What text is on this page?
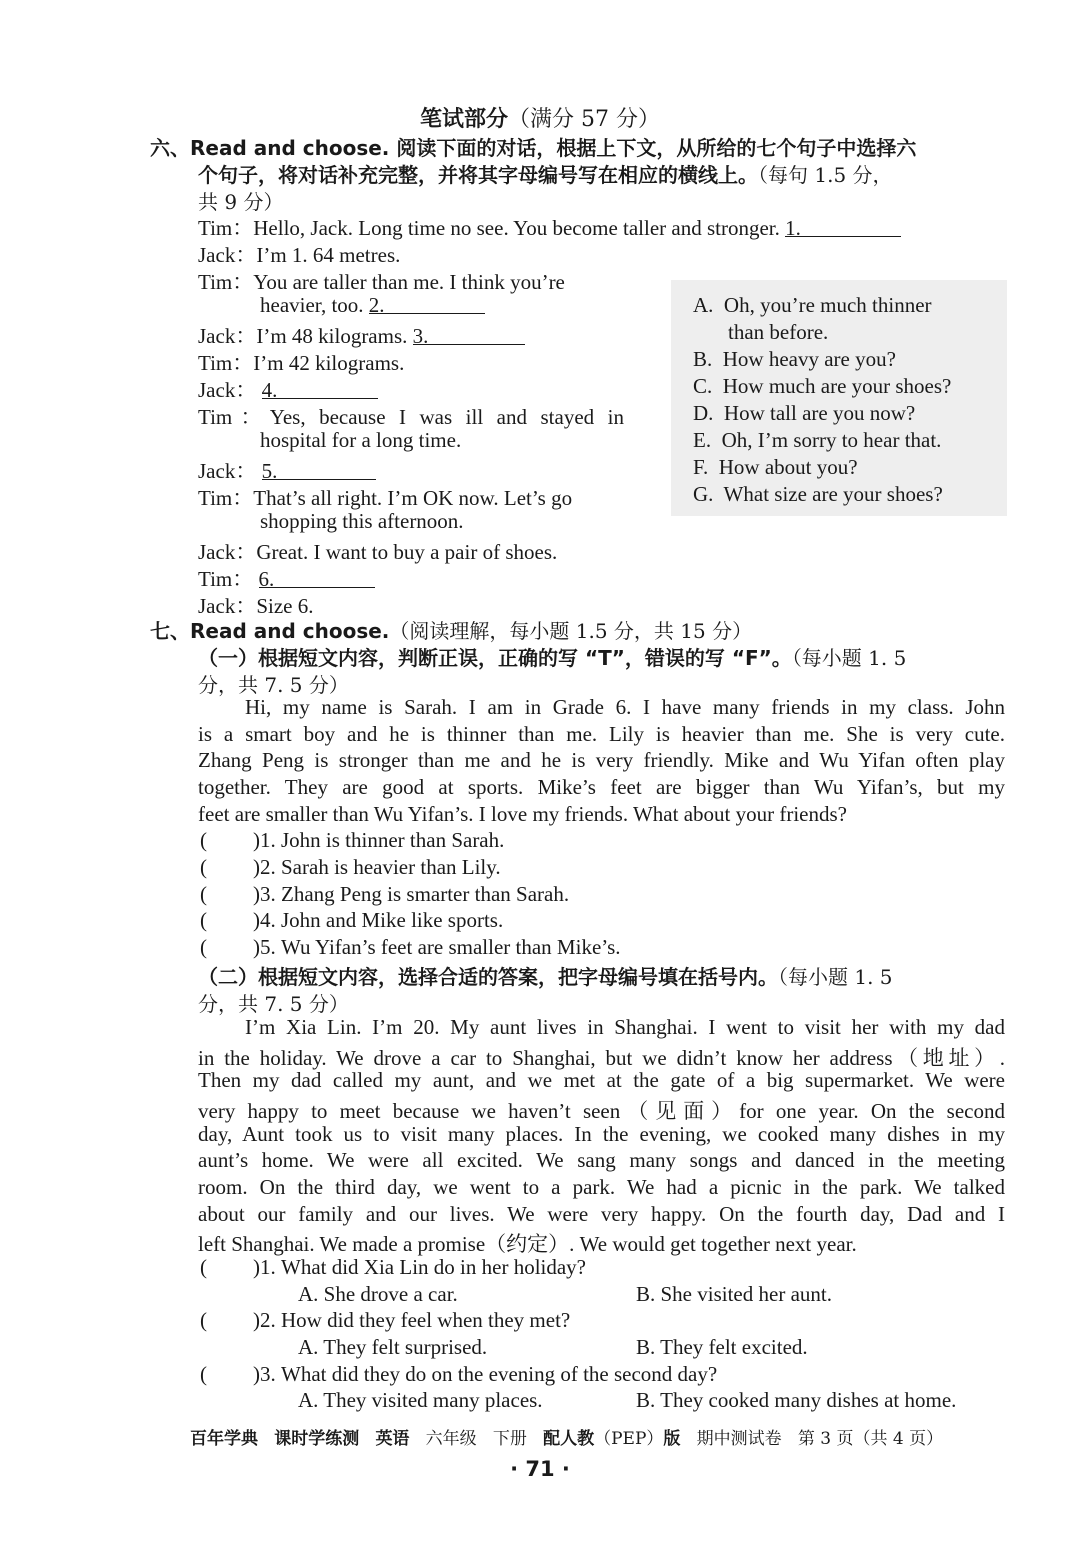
笔试部分（满分 57 分）
六、Read and choose. 阅读下面的对话，根据上下文，从所给的七个句子中选择六
个句子，将对话补充完整，并将其字母编号写在相应的横线上。（每句 1.5 分，
共 9 分）
Tim：Hello, Jack. Long time no see. You become taller and stronger. 1.
Jack：I’m 1. 64 metres.
Tim：You are taller than me. I think you’re
heavier, too. 2.
Jack：I’m 48 kilograms. 3.
Tim：I’m 42 kilograms.
Jack： 4.
Tim：Yes, because I was ill and stayed in
hospital for a long time.
Jack： 5.
Tim：That’s all right. I’m OK now. Let’s go
shopping this afternoon.
Jack：Great. I want to buy a pair of shoes.
Tim： 6.
Jack：Size 6.
A. Oh, you’re much thinner
than before.
B. How heavy are you?
C. How much are your shoes?
D. How tall are you now?
E. Oh, I’m sorry to hear that.
F. How about you?
G. What size are your shoes?
七、Read and choose.（阅读理解，每小题 1.5 分，共 15 分）
（一）根据短文内容，判断正误，正确的写 “T”，错误的写 “F”。（每小题 1. 5
分，共 7. 5 分）
Hi, my name is Sarah. I am in Grade 6. I have many friends in my class. John
is a smart boy and he is thinner than me. Lily is heavier than me. She is very cute.
Zhang Peng is stronger than me and he is very friendly. Mike and Wu Yifan often play
together. They are good at sports. Mike’s feet are bigger than Wu Yifan’s, but my
feet are smaller than Wu Yifan’s. I love my friends. What about your friends?
( )1. John is thinner than Sarah.
( )2. Sarah is heavier than Lily.
( )3. Zhang Peng is smarter than Sarah.
( )4. John and Mike like sports.
( )5. Wu Yifan’s feet are smaller than Mike’s.
（二）根据短文内容，选择合适的答案，把字母编号填在括号内。（每小题 1. 5
分，共 7. 5 分）
I’m Xia Lin. I’m 20. My aunt lives in Shanghai. I went to visit her with my dad
in the holiday. We drove a car to Shanghai, but we didn’t know her address（地址）.
Then my dad called my aunt, and we met at the gate of a big supermarket. We were
very happy to meet because we haven’t seen（见面）for one year. On the second
day, Aunt took us to visit many places. In the evening, we cooked many dishes in my
aunt’s home. We were all excited. We sang many songs and danced in the meeting
room. On the third day, we went to a park. We had a picnic in the park. We talked
about our family and our lives. We were very happy. On the fourth day, Dad and I
left Shanghai. We made a promise（约定）. We would get together next year.
( )1. What did Xia Lin do in her holiday?
A. She drove a car.	B. She visited her aunt.
( )2. How did they feel when they met?
A. They felt surprised.	B. They felt excited.
( )3. What did they do on the evening of the second day?
A. They visited many places.	B. They cooked many dishes at home.
百年学典 课时学练测 英语 六年级 下册 配人教（PEP）版 期中测试卷 第 3 页（共 4 页）
· 71 ·
